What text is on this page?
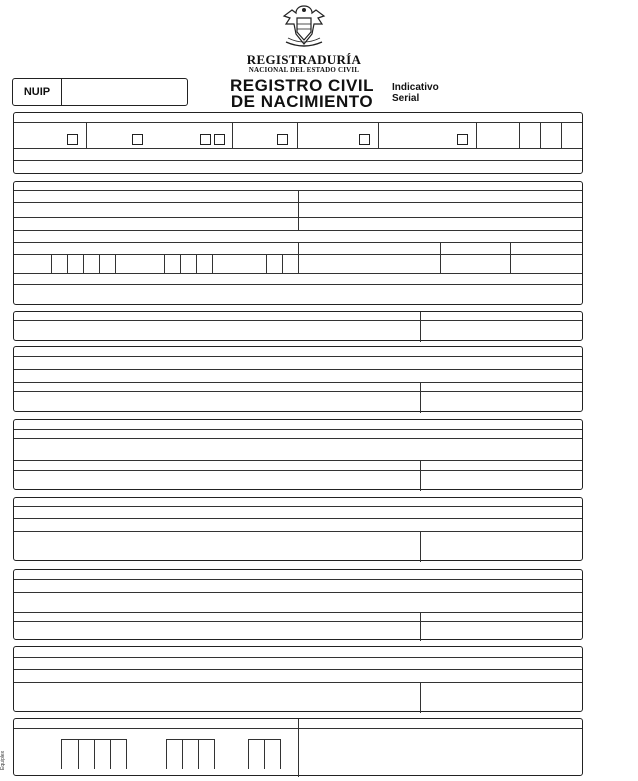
REGISTRADURÍA
NACIONAL DEL ESTADO CIVIL
NUIP	REGISTRO CIVIL
DE NACIMIENTO
Indicativo
Serial
Equiplex
